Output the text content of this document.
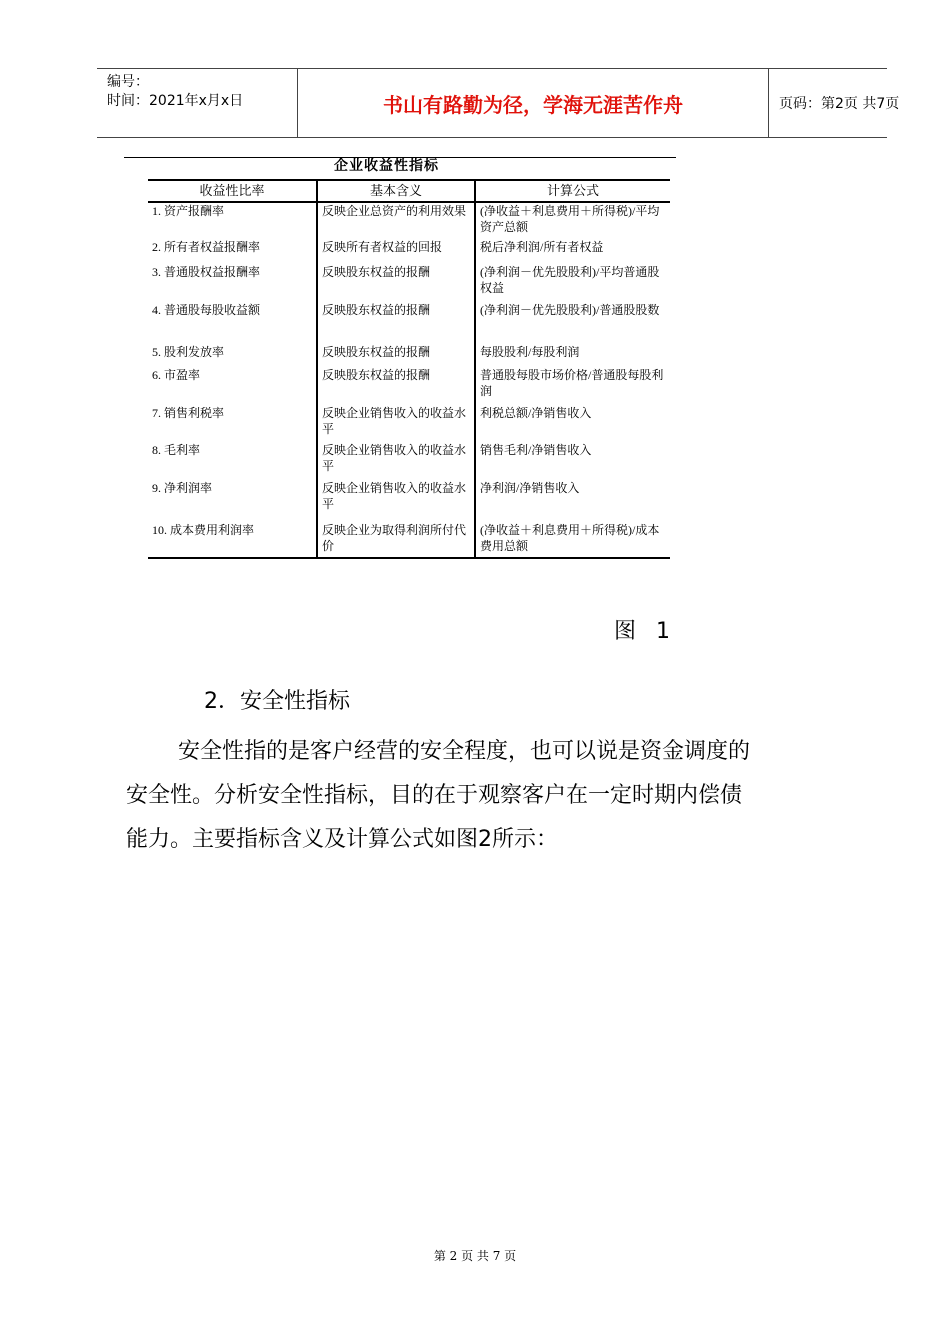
编号：
时间：2021年x月x日	书山有路勤为径，学海无涯苦作舟	页码：第2页 共7页
企业收益性指标
收益性比率	基本含义	计算公式
1. 资产报酬率	反映企业总资产的利用效果	(净收益＋利息费用＋所得税)/平均资产总额
2. 所有者权益报酬率	反映所有者权益的回报	税后净利润/所有者权益
3. 普通股权益报酬率	反映股东权益的报酬	(净利润－优先股股利)/平均普通股权益
4. 普通股每股收益额	反映股东权益的报酬	(净利润－优先股股利)/普通股股数
5. 股利发放率	反映股东权益的报酬	每股股利/每股利润
6. 市盈率	反映股东权益的报酬	普通股每股市场价格/普通股每股利润
7. 销售利税率	反映企业销售收入的收益水平	利税总额/净销售收入
8. 毛利率	反映企业销售收入的收益水平	销售毛利/净销售收入
9. 净利润率	反映企业销售收入的收益水平	净利润/净销售收入
10. 成本费用利润率	反映企业为取得利润所付代价	(净收益＋利息费用＋所得税)/成本费用总额
图 1
2．安全性指标

安全性指的是客户经营的安全程度，也可以说是资金调度的

安全性。分析安全性指标，目的在于观察客户在一定时期内偿债

能力。主要指标含义及计算公式如图2所示：

第 2 页 共 7 页
